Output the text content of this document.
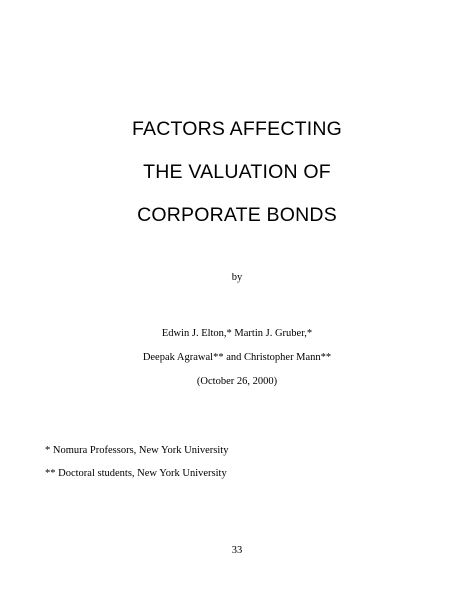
FACTORS AFFECTING
THE VALUATION OF
CORPORATE BONDS
by
Edwin J. Elton,* Martin J. Gruber,*
Deepak Agrawal** and Christopher Mann**
(October 26, 2000)
* Nomura Professors, New York University
** Doctoral students, New York University
33
